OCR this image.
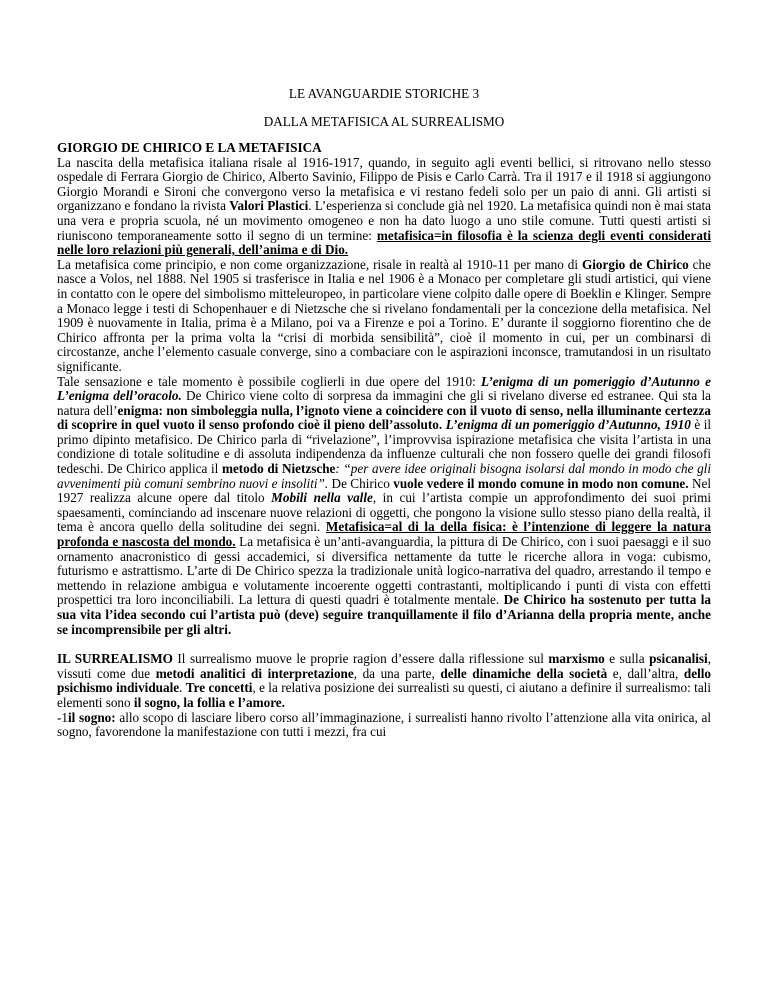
LE AVANGUARDIE STORICHE 3
DALLA METAFISICA AL SURREALISMO
GIORGIO DE CHIRICO E LA METAFISICA

La nascita della metafisica italiana risale al 1916-1917, quando, in seguito agli eventi bellici, si ritrovano nello stesso ospedale di Ferrara Giorgio de Chirico, Alberto Savinio, Filippo de Pisis e Carlo Carrà. Tra il 1917 e il 1918 si aggiungono Giorgio Morandi e Sironi che convergono verso la metafisica e vi restano fedeli solo per un paio di anni. Gli artisti si organizzano e fondano la rivista Valori Plastici. L’esperienza si conclude già nel 1920. La metafisica quindi non è mai stata una vera e propria scuola, né un movimento omogeneo e non ha dato luogo a uno stile comune. Tutti questi artisti si riuniscono temporaneamente sotto il segno di un termine: metafisica=in filosofia è la scienza degli eventi considerati nelle loro relazioni più generali, dell’anima e di Dio.

La metafisica come principio, e non come organizzazione, risale in realtà al 1910-11 per mano di Giorgio de Chirico che nasce a Volos, nel 1888. Nel 1905 si trasferisce in Italia e nel 1906 è a Monaco per completare gli studi artistici, qui viene in contatto con le opere del simbolismo mitteleuropeo, in particolare viene colpito dalle opere di Boeklin e Klinger. Sempre a Monaco legge i testi di Schopenhauer e di Nietzsche che si rivelano fondamentali per la concezione della metafisica. Nel 1909 è nuovamente in Italia, prima è a Milano, poi va a Firenze e poi a Torino. E’ durante il soggiorno fiorentino che de Chirico affronta per la prima volta la “crisi di morbida sensibilità”, cioè il momento in cui, per un combinarsi di circostanze, anche l’elemento casuale converge, sino a combaciare con le aspirazioni inconsce, tramutandosi in un risultato significante.

Tale sensazione e tale momento è possibile coglierli in due opere del 1910: L’enigma di un pomeriggio d’Autunno e L’enigma dell’oracolo. De Chirico viene colto di sorpresa da immagini che gli si rivelano diverse ed estranee. Qui sta la natura dell’enigma: non simboleggia nulla, l’ignoto viene a coincidere con il vuoto di senso, nella illuminante certezza di scoprire in quel vuoto il senso profondo cioè il pieno dell’assoluto. L’enigma di un pomeriggio d’Autunno, 1910 è il primo dipinto metafisico. De Chirico parla di “rivelazione”, l’improvvisa ispirazione metafisica che visita l’artista in una condizione di totale solitudine e di assoluta indipendenza da influenze culturali che non fossero quelle dei grandi filosofi tedeschi. De Chirico applica il metodo di Nietzsche: “per avere idee originali bisogna isolarsi dal mondo in modo che gli avvenimenti più comuni sembrino nuovi e insoliti”. De Chirico vuole vedere il mondo comune in modo non comune. Nel 1927 realizza alcune opere dal titolo Mobili nella valle, in cui l’artista compie un approfondimento dei suoi primi spaesamenti, cominciando ad inscenare nuove relazioni di oggetti, che pongono la visione sullo stesso piano della realtà, il tema è ancora quello della solitudine dei segni. Metafisica=al di la della fisica: è l’intenzione di leggere la natura profonda e nascosta del mondo. La metafisica è un’anti-avanguardia, la pittura di De Chirico, con i suoi paesaggi e il suo ornamento anacronistico di gessi accademici, si diversifica nettamente da tutte le ricerche allora in voga: cubismo, futurismo e astrattismo. L’arte di De Chirico spezza la tradizionale unità logico-narrativa del quadro, arrestando il tempo e mettendo in relazione ambigua e volutamente incoerente oggetti contrastanti, moltiplicando i punti di vista con effetti prospettici tra loro inconciliabili. La lettura di questi quadri è totalmente mentale. De Chirico ha sostenuto per tutta la sua vita l’idea secondo cui l’artista può (deve) seguire tranquillamente il filo d’Arianna della propria mente, anche se incomprensibile per gli altri.

IL SURREALISMO Il surrealismo muove le proprie ragion d’essere dalla riflessione sul marxismo e sulla psicanalisi, vissuti come due metodi analitici di interpretazione, da una parte, delle dinamiche della società e, dall’altra, dello psichismo individuale. Tre concetti, e la relativa posizione dei surrealisti su questi, ci aiutano a definire il surrealismo: tali elementi sono il sogno, la follia e l’amore.

-1il sogno: allo scopo di lasciare libero corso all’immaginazione, i surrealisti hanno rivolto l’attenzione alla vita onirica, al sogno, favorendone la manifestazione con tutti i mezzi, fra cui
